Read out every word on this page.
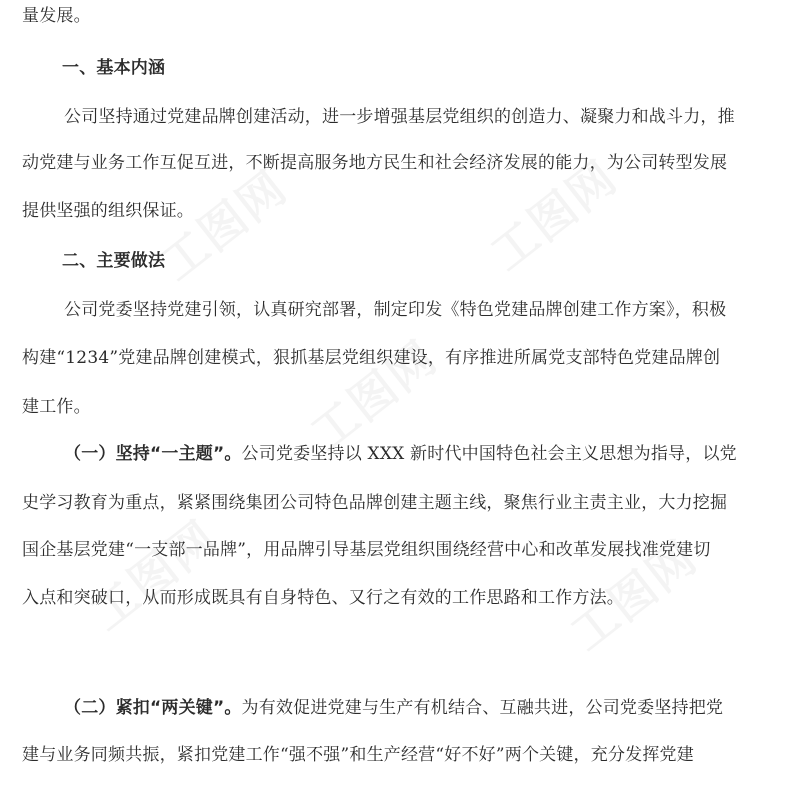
量发展。
一、基本内涵
公司坚持通过党建品牌创建活动，进一步增强基层党组织的创造力、凝聚力和战斗力，推
动党建与业务工作互促互进，不断提高服务地方民生和社会经济发展的能力，为公司转型发展
提供坚强的组织保证。
二、主要做法
公司党委坚持党建引领，认真研究部署，制定印发《特色党建品牌创建工作方案》，积极
构建“1234”党建品牌创建模式，狠抓基层党组织建设，有序推进所属党支部特色党建品牌创
建工作。
（一）坚持“一主题”。公司党委坚持以 XXX 新时代中国特色社会主义思想为指导，以党
史学习教育为重点，紧紧围绕集团公司特色品牌创建主题主线，聚焦行业主责主业，大力挖掘
国企基层党建“一支部一品牌”，用品牌引导基层党组织围绕经营中心和改革发展找准党建切
入点和突破口，从而形成既具有自身特色、又行之有效的工作思路和工作方法。
（二）紧扣“两关键”。为有效促进党建与生产有机结合、互融共进，公司党委坚持把党
建与业务同频共振，紧扣党建工作“强不强”和生产经营“好不好”两个关键，充分发挥党建
